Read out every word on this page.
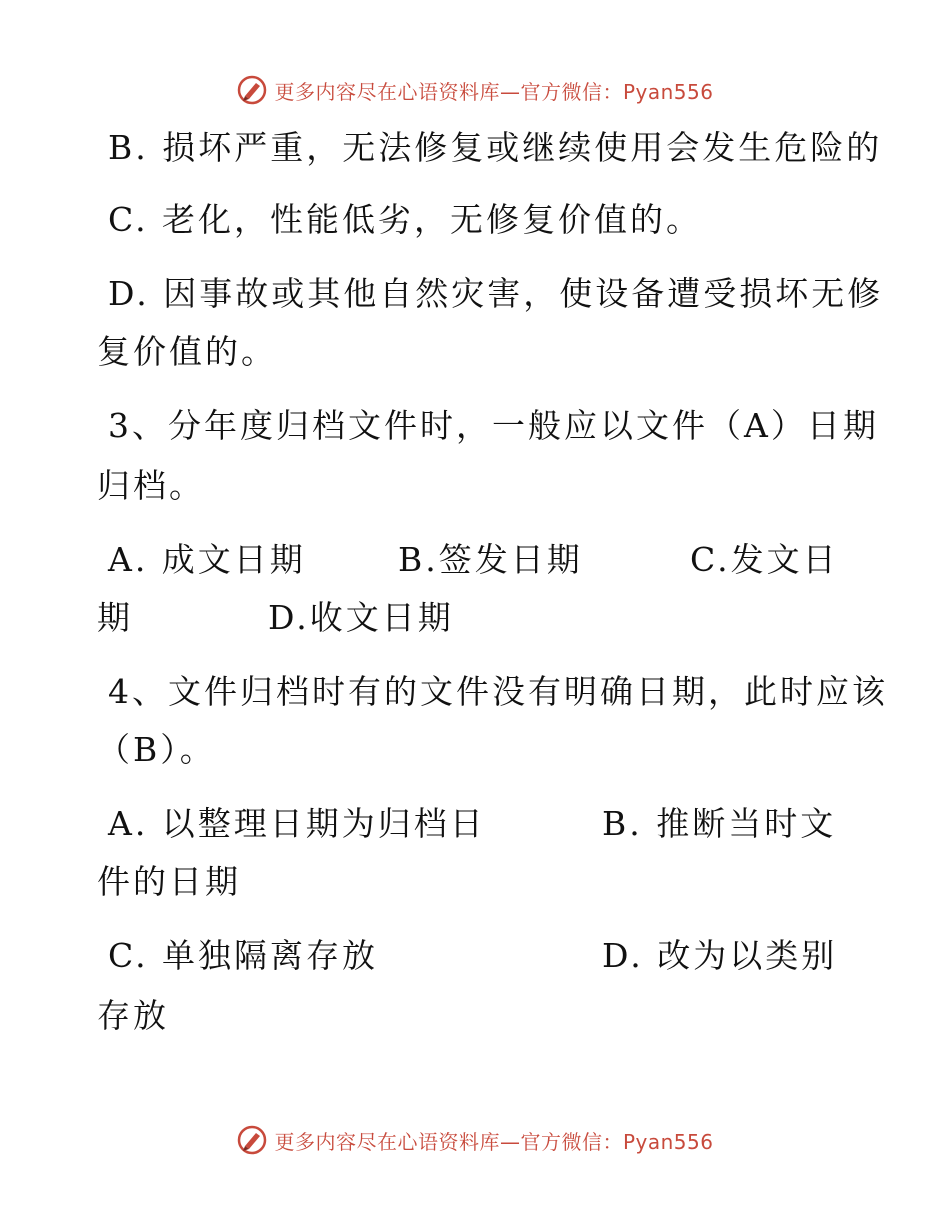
更多内容尽在心语资料库—官方微信：Pyan556
B. 损坏严重，无法修复或继续使用会发生危险的
C. 老化，性能低劣，无修复价值的。
D. 因事故或其他自然灾害，使设备遭受损坏无修
复价值的。
3、分年度归档文件时，一般应以文件（A）日期
归档。
A. 成文日期	B.签发日期	C.发文日
期	D.收文日期
4、文件归档时有的文件没有明确日期，此时应该
（B）。
A. 以整理日期为归档日	B. 推断当时文
件的日期
C. 单独隔离存放	D. 改为以类别
存放
更多内容尽在心语资料库—官方微信：Pyan556
